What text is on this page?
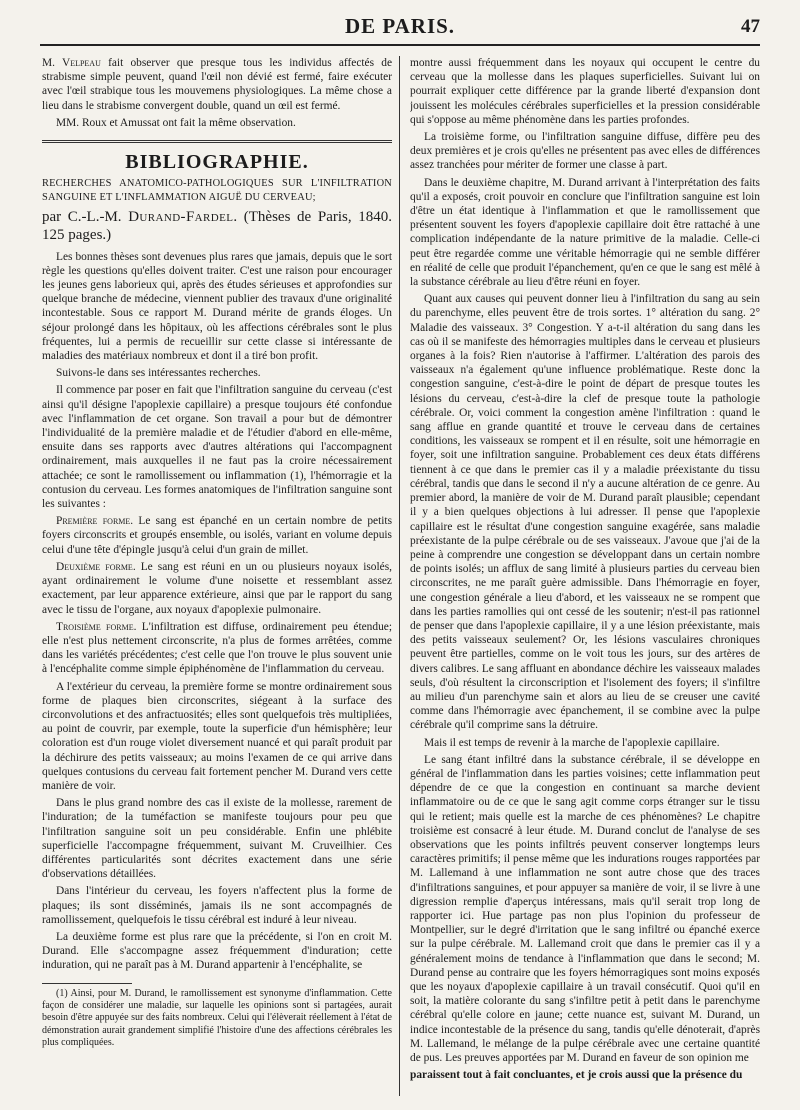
DE PARIS.	47

M. Velpeau fait observer que presque tous les individus affectés de strabisme simple peuvent, quand l'œil non dévié est fermé, faire exécuter avec l'œil strabique tous les mouvemens physiologiques. La même chose a lieu dans le strabisme convergent double, quand un œil est fermé.

MM. Roux et Amussat ont fait la même observation.

BIBLIOGRAPHIE.

RECHERCHES ANATOMICO-PATHOLOGIQUES SUR L'INFILTRATION SANGUINE ET L'INFLAMMATION AIGUË DU CERVEAU;

par C.-L.-M. Durand-Fardel. (Thèses de Paris, 1840. 125 pages.)

Les bonnes thèses sont devenues plus rares que jamais, depuis que le sort règle les questions qu'elles doivent traiter. C'est une raison pour encourager les jeunes gens laborieux qui, après des études sérieuses et approfondies sur quelque branche de médecine, viennent publier des travaux d'une originalité incontestable. Sous ce rapport M. Durand mérite de grands éloges. Un séjour prolongé dans les hôpitaux, où les affections cérébrales sont le plus fréquentes, lui a permis de recueillir sur cette classe si intéressante de maladies des matériaux nombreux et dont il a tiré bon profit.

Suivons-le dans ses intéressantes recherches.

Il commence par poser en fait que l'infiltration sanguine du cerveau (c'est ainsi qu'il désigne l'apoplexie capillaire) a presque toujours été confondue avec l'inflammation de cet organe. Son travail a pour but de démontrer l'individualité de la première maladie et de l'étudier d'abord en elle-même, ensuite dans ses rapports avec d'autres altérations qui l'accompagnent ordinairement, mais auxquelles il ne faut pas la croire nécessairement attachée; ce sont le ramollissement ou inflammation (1), l'hémorragie et la contusion du cerveau. Les formes anatomiques de l'infiltration sanguine sont les suivantes :

Première forme. Le sang est épanché en un certain nombre de petits foyers circonscrits et groupés ensemble, ou isolés, variant en volume depuis celui d'une tête d'épingle jusqu'à celui d'un grain de millet.

Deuxième forme. Le sang est réuni en un ou plusieurs noyaux isolés, ayant ordinairement le volume d'une noisette et ressemblant assez exactement, par leur apparence extérieure, ainsi que par le rapport du sang avec le tissu de l'organe, aux noyaux d'apoplexie pulmonaire.

Troisième forme. L'infiltration est diffuse, ordinairement peu étendue; elle n'est plus nettement circonscrite, n'a plus de formes arrêtées, comme dans les variétés précédentes; c'est celle que l'on trouve le plus souvent unie à l'encéphalite comme simple épiphénomène de l'inflammation du cerveau.

A l'extérieur du cerveau, la première forme se montre ordinairement sous forme de plaques bien circonscrites, siégeant à la surface des circonvolutions et des anfractuosités; elles sont quelquefois très multipliées, au point de couvrir, par exemple, toute la superficie d'un hémisphère; leur coloration est d'un rouge violet diversement nuancé et qui paraît produit par la déchirure des petits vaisseaux; au moins l'examen de ce qui arrive dans quelques contusions du cerveau fait fortement pencher M. Durand vers cette manière de voir.

Dans le plus grand nombre des cas il existe de la mollesse, rarement de l'induration; de la tuméfaction se manifeste toujours pour peu que l'infiltration sanguine soit un peu considérable. Enfin une phlébite superficielle l'accompagne fréquemment, suivant M. Cruveilhier. Ces différentes particularités sont décrites exactement dans une série d'observations détaillées.

Dans l'intérieur du cerveau, les foyers n'affectent plus la forme de plaques; ils sont disséminés, jamais ils ne sont accompagnés de ramollissement, quelquefois le tissu cérébral est induré à leur niveau.

La deuxième forme est plus rare que la précédente, si l'on en croit M. Durand. Elle s'accompagne assez fréquemment d'induration; cette induration, qui ne paraît pas à M. Durand appartenir à l'encéphalite, se

(1) Ainsi, pour M. Durand, le ramollissement est synonyme d'inflammation. Cette façon de considérer une maladie, sur laquelle les opinions sont si partagées, aurait besoin d'être appuyée sur des faits nombreux. Celui qui l'élèverait réellement à l'état de démonstration aurait grandement simplifié l'histoire d'une des affections cérébrales les plus compliquées.

montre aussi fréquemment dans les noyaux qui occupent le centre du cerveau que la mollesse dans les plaques superficielles. Suivant lui on pourrait expliquer cette différence par la grande liberté d'expansion dont jouissent les molécules cérébrales superficielles et la pression considérable qui s'oppose au même phénomène dans les parties profondes.

La troisième forme, ou l'infiltration sanguine diffuse, diffère peu des deux premières et je crois qu'elles ne présentent pas avec elles de différences assez tranchées pour mériter de former une classe à part.

Dans le deuxième chapitre, M. Durand arrivant à l'interprétation des faits qu'il a exposés, croit pouvoir en conclure que l'infiltration sanguine est loin d'être un état identique à l'inflammation et que le ramollissement que présentent souvent les foyers d'apoplexie capillaire doit être rattaché à une complication indépendante de la nature primitive de la maladie. Celle-ci peut être regardée comme une véritable hémorragie qui ne semble différer en réalité de celle que produit l'épanchement, qu'en ce que le sang est mêlé à la substance cérébrale au lieu d'être réuni en foyer.

Quant aux causes qui peuvent donner lieu à l'infiltration du sang au sein du parenchyme, elles peuvent être de trois sortes. 1° altération du sang. 2° Maladie des vaisseaux. 3° Congestion. Y a-t-il altération du sang dans les cas où il se manifeste des hémorragies multiples dans le cerveau et plusieurs organes à la fois? Rien n'autorise à l'affirmer. L'altération des parois des vaisseaux n'a également qu'une influence problématique. Reste donc la congestion sanguine, c'est-à-dire le point de départ de presque toutes les lésions du cerveau, c'est-à-dire la clef de presque toute la pathologie cérébrale. Or, voici comment la congestion amène l'infiltration : quand le sang afflue en grande quantité et trouve le cerveau dans de certaines conditions, les vaisseaux se rompent et il en résulte, soit une hémorragie en foyer, soit une infiltration sanguine. Probablement ces deux états différens tiennent à ce que dans le premier cas il y a maladie préexistante du tissu cérébral, tandis que dans le second il n'y a aucune altération de ce genre. Au premier abord, la manière de voir de M. Durand paraît plausible; cependant il y a bien quelques objections à lui adresser. Il pense que l'apoplexie capillaire est le résultat d'une congestion sanguine exagérée, sans maladie préexistante de la pulpe cérébrale ou de ses vaisseaux. J'avoue que j'ai de la peine à comprendre une congestion se développant dans un certain nombre de points isolés; un afflux de sang limité à plusieurs parties du cerveau bien circonscrites, ne me paraît guère admissible. Dans l'hémorragie en foyer, une congestion générale a lieu d'abord, et les vaisseaux ne se rompent que dans les parties ramollies qui ont cessé de les soutenir; n'est-il pas rationnel de penser que dans l'apoplexie capillaire, il y a une lésion préexistante, mais des petits vaisseaux seulement? Or, les lésions vasculaires chroniques peuvent être partielles, comme on le voit tous les jours, sur des artères de divers calibres. Le sang affluant en abondance déchire les vaisseaux malades seuls, d'où résultent la circonscription et l'isolement des foyers; il s'infiltre au milieu d'un parenchyme sain et alors au lieu de se creuser une cavité comme dans l'hémorragie avec épanchement, il se combine avec la pulpe cérébrale qu'il comprime sans la détruire.

Mais il est temps de revenir à la marche de l'apoplexie capillaire.

Le sang étant infiltré dans la substance cérébrale, il se développe en général de l'inflammation dans les parties voisines; cette inflammation peut dépendre de ce que la congestion en continuant sa marche devient inflammatoire ou de ce que le sang agit comme corps étranger sur le tissu qui le retient; mais quelle est la marche de ces phénomènes? Le chapitre troisième est consacré à leur étude. M. Durand conclut de l'analyse de ses observations que les points infiltrés peuvent conserver longtemps leurs caractères primitifs; il pense même que les indurations rouges rapportées par M. Lallemand à une inflammation ne sont autre chose que des traces d'infiltrations sanguines, et pour appuyer sa manière de voir, il se livre à une digression remplie d'aperçus intéressans, mais qu'il serait trop long de rapporter ici. Hue partage pas non plus l'opinion du professeur de Montpellier, sur le degré d'irritation que le sang infiltré ou épanché exerce sur la pulpe cérébrale. M. Lallemand croit que dans le premier cas il y a généralement moins de tendance à l'inflammation que dans le second; M. Durand pense au contraire que les foyers hémorragiques sont moins exposés que les noyaux d'apoplexie capillaire à un travail consécutif. Quoi qu'il en soit, la matière colorante du sang s'infiltre petit à petit dans le parenchyme cérébral qu'elle colore en jaune; cette nuance est, suivant M. Durand, un indice incontestable de la présence du sang, tandis qu'elle dénoterait, d'après M. Lallemand, le mélange de la pulpe cérébrale avec une certaine quantité de pus. Les preuves apportées par M. Durand en faveur de son opinion me

paraissent tout à fait concluantes, et je crois aussi que la présence du
